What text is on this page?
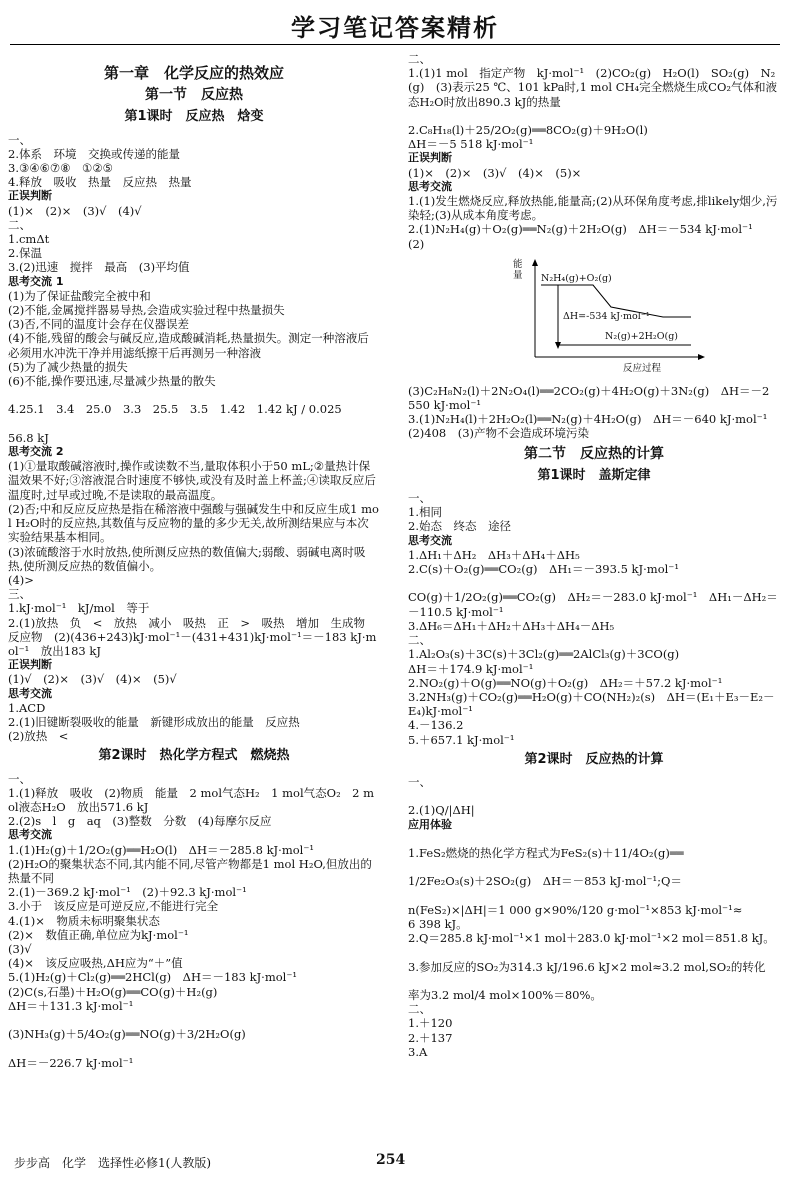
学习笔记答案精析
第一章　化学反应的热效应
第一节　反应热
第1课时　反应热　焓变
一、
2.体系　环境　交换或传递的能量
3.③④⑥⑦⑧　①②⑤
4.释放　吸收　热量　反应热　热量
正误判断
(1)×　(2)×　(3)√　(4)√
二、
1.cmΔt
2.保温
3.(2)迅速　搅拌　最高　(3)平均值
思考交流 1
(1)为了保证盐酸完全被中和
(2)不能,金属搅拌器易导热,会造成实验过程中热量损失
(3)否,不同的温度计会存在仪器误差
(4)不能,残留的酸会与碱反应,造成酸碱消耗,热量损失。测定一种溶液后必须用水冲洗干净并用滤纸擦干后再测另一种溶液
(5)为了减少热量的损失
(6)不能,操作要迅速,尽量减少热量的散失

4.25.1　3.4　25.0　3.3　25.5　3.5　1.42　1.42 kJ / 0.025

56.8 kJ
思考交流 2
(1)①量取酸碱溶液时,操作或读数不当,量取体积小于50 mL;②量热计保温效果不好;③溶液混合时速度不够快,或没有及时盖上杯盖;④读取反应后温度时,过早或过晚,不是读取的最高温度。
(2)否;中和反应反应热是指在稀溶液中强酸与强碱发生中和反应生成1 mol H₂O时的反应热,其数值与反应物的量的多少无关,故所测结果应与本次实验结果基本相同。
(3)浓硫酸溶于水时放热,使所测反应热的数值偏大;弱酸、弱碱电离时吸热,使所测反应热的数值偏小。
(4)>
三、
1.kJ·mol⁻¹　kJ/mol　等于
2.(1)放热　负　<　放热　减小　吸热　正　>　吸热　增加　生成物　反应物　(2)(436+243)kJ·mol⁻¹－(431+431)kJ·mol⁻¹＝－183 kJ·mol⁻¹　放出183 kJ
正误判断
(1)√　(2)×　(3)√　(4)×　(5)√
思考交流
1.ACD
2.(1)旧键断裂吸收的能量　新键形成放出的能量　反应热
(2)放热　<
第2课时　热化学方程式　燃烧热
一、
1.(1)释放　吸收　(2)物质　能量　2 mol气态H₂　1 mol气态O₂　2 mol液态H₂O　放出571.6 kJ
2.(2)s　l　g　aq　(3)整数　分数　(4)每摩尔反应
思考交流
1.(1)H₂(g)＋1/2O₂(g)══H₂O(l)　ΔH＝－285.8 kJ·mol⁻¹
(2)H₂O的聚集状态不同,其内能不同,尽管产物都是1 mol H₂O,但放出的热量不同
2.(1)－369.2 kJ·mol⁻¹　(2)＋92.3 kJ·mol⁻¹
3.小于　该反应是可逆反应,不能进行完全
4.(1)×　物质未标明聚集状态
(2)×　数值正确,单位应为kJ·mol⁻¹
(3)√
(4)×　该反应吸热,ΔH应为“＋”值
5.(1)H₂(g)＋Cl₂(g)══2HCl(g)　ΔH＝－183 kJ·mol⁻¹
(2)C(s,石墨)＋H₂O(g)══CO(g)＋H₂(g)
ΔH＝＋131.3 kJ·mol⁻¹

(3)NH₃(g)＋5/4O₂(g)══NO(g)＋3/2H₂O(g)

ΔH＝－226.7 kJ·mol⁻¹
二、
1.(1)1 mol　指定产物　kJ·mol⁻¹　(2)CO₂(g)　H₂O(l)　SO₂(g)　N₂(g)　(3)表示25 ℃、101 kPa时,1 mol CH₄完全燃烧生成CO₂气体和液态H₂O时放出890.3 kJ的热量

2.C₈H₁₈(l)＋25/2O₂(g)══8CO₂(g)＋9H₂O(l)
ΔH＝－5 518 kJ·mol⁻¹
正误判断
(1)×　(2)×　(3)√　(4)×　(5)×
思考交流
1.(1)发生燃烧反应,释放热能,能量高;(2)从环保角度考虑,排likely烟少,污染轻;(3)从成本角度考虑。
2.(1)N₂H₄(g)＋O₂(g)══N₂(g)＋2H₂O(g)　ΔH＝－534 kJ·mol⁻¹
(2)
能量	N₂H₄(g)+O₂(g)
ΔH=-534 kJ·mol⁻¹
N₂(g)+2H₂O(g)
反应过程
(3)C₂H₈N₂(l)＋2N₂O₄(l)══2CO₂(g)＋4H₂O(g)＋3N₂(g)　ΔH＝－2 550 kJ·mol⁻¹
3.(1)N₂H₄(l)＋2H₂O₂(l)══N₂(g)＋4H₂O(g)　ΔH＝－640 kJ·mol⁻¹　(2)408　(3)产物不会造成环境污染
第二节　反应热的计算
第1课时　盖斯定律
一、
1.相同
2.始态　终态　途径
思考交流
1.ΔH₁＋ΔH₂　ΔH₃＋ΔH₄＋ΔH₅
2.C(s)＋O₂(g)══CO₂(g)　ΔH₁＝－393.5 kJ·mol⁻¹

CO(g)＋1/2O₂(g)══CO₂(g)　ΔH₂＝－283.0 kJ·mol⁻¹　ΔH₁－ΔH₂＝－110.5 kJ·mol⁻¹
3.ΔH₆＝ΔH₁＋ΔH₂＋ΔH₃＋ΔH₄－ΔH₅
二、
1.Al₂O₃(s)＋3C(s)＋3Cl₂(g)══2AlCl₃(g)＋3CO(g)
ΔH＝＋174.9 kJ·mol⁻¹
2.NO₂(g)＋O(g)══NO(g)＋O₂(g)　ΔH₂＝＋57.2 kJ·mol⁻¹
3.2NH₃(g)＋CO₂(g)══H₂O(g)＋CO(NH₂)₂(s)　ΔH＝(E₁＋E₃－E₂－E₄)kJ·mol⁻¹
4.－136.2
5.＋657.1 kJ·mol⁻¹
第2课时　反应热的计算
一、

2.(1)Q/|ΔH|
应用体验

1.FeS₂燃烧的热化学方程式为FeS₂(s)＋11/4O₂(g)══

1/2Fe₂O₃(s)＋2SO₂(g)　ΔH＝－853 kJ·mol⁻¹;Q＝

n(FeS₂)×|ΔH|＝1 000 g×90%/120 g·mol⁻¹×853 kJ·mol⁻¹≈
6 398 kJ。
2.Q＝285.8 kJ·mol⁻¹×1 mol＋283.0 kJ·mol⁻¹×2 mol＝851.8 kJ。

3.参加反应的SO₂为314.3 kJ/196.6 kJ×2 mol≈3.2 mol,SO₂的转化

率为3.2 mol/4 mol×100%＝80%。
二、
1.＋120
2.＋137
3.A
步步高　化学　选择性必修1(人教版)	254
